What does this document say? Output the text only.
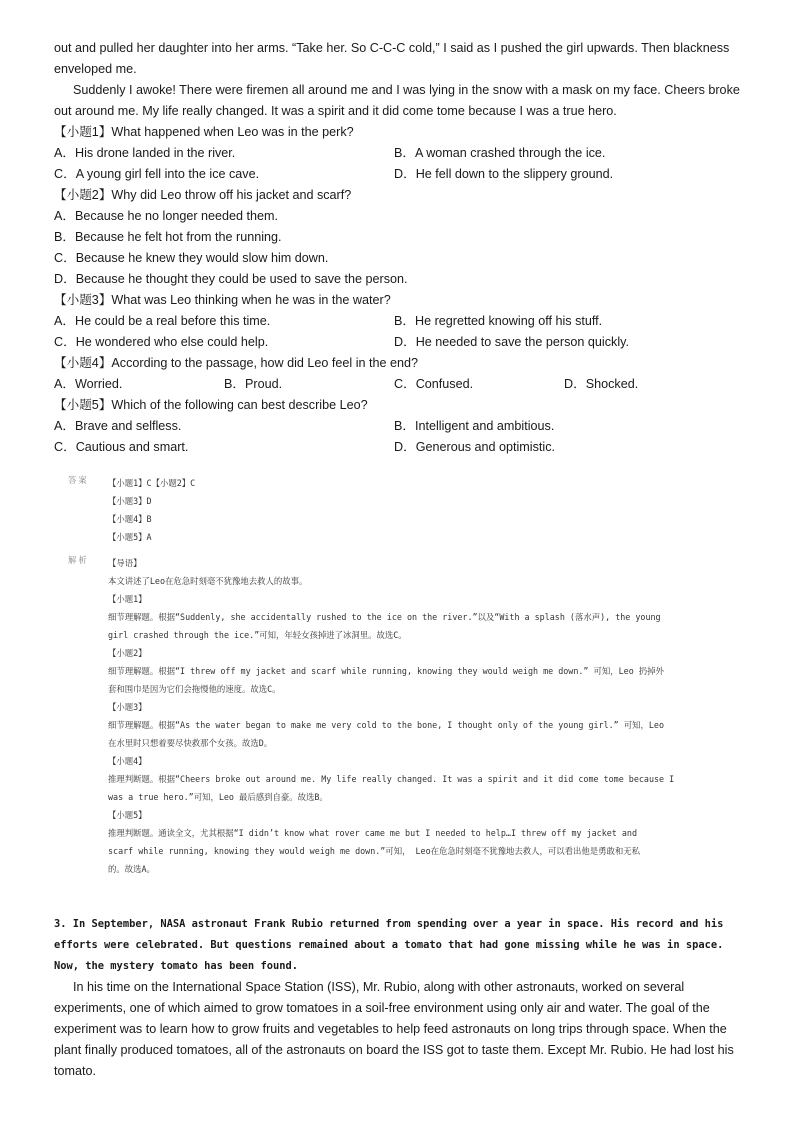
out and pulled her daughter into her arms. “Take her. So C-C-C cold,” I said as I pushed the girl upwards. Then blackness enveloped me.

Suddenly I awoke! There were firemen all around me and I was lying in the snow with a mask on my face. Cheers broke out around me. My life really changed. It was a spirit and it did come tome because I was a true hero.

【小题1】What happened when Leo was in the perk?

A．His drone landed in the river.	B．A woman crashed through the ice.
C．A young girl fell into the ice cave.	D．He fell down to the slippery ground.

【小题2】Why did Leo throw off his jacket and scarf?

A．Because he no longer needed them.

B．Because he felt hot from the running.

C．Because he knew they would slow him down.

D．Because he thought they could be used to save the person.

【小题3】What was Leo thinking when he was in the water?

A．He could be a real before this time.	B．He regretted knowing off his stuff.
C．He wondered who else could help.	D．He needed to save the person quickly.

【小题4】According to the passage, how did Leo feel in the end?

A．Worried.	B．Proud.	C．Confused.	D．Shocked.

【小题5】Which of the following can best describe Leo?

A．Brave and selfless.	B．Intelligent and ambitious.
C．Cautious and smart.	D．Generous and optimistic.
答案 【小题1】C【小题2】C
【小题3】D
【小题4】B
【小题5】A
解析 【导语】
本文讲述了Leo在危急时刻毫不犹豫地去救人的故事。
【小题1】
细节理解题。根据“Suddenly, she accidentally rushed to the ice on the river.”以及“With a splash (落水声), the young
girl crashed through the ice.”可知，年轻女孩掉进了冰洞里。故选C。
【小题2】
细节理解题。根据“I threw off my jacket and scarf while running, knowing they would weigh me down.” 可知，Leo 扔掉外
套和围巾是因为它们会拖慢他的速度。故选C。
【小题3】
细节理解题。根据“As the water began to make me very cold to the bone, I thought only of the young girl.” 可知，Leo
在水里时只想着要尽快救那个女孩。故选D。
【小题4】
推理判断题。根据“Cheers broke out around me. My life really changed. It was a spirit and it did come tome because I
was a true hero.”可知，Leo 最后感到自豪。故选B。
【小题5】
推理判断题。通读全文，尤其根据“I didn’t know what rover came me but I needed to help…I threw off my jacket and
scarf while running, knowing they would weigh me down.”可知， Leo在危急时刻毫不犹豫地去救人，可以看出他是勇敢和无私
的。故选A。

3. In September, NASA astronaut Frank Rubio returned from spending over a year in space. His record and his efforts were celebrated. But questions remained about a tomato that had gone missing while he was in space. Now, the mystery tomato has been found.

In his time on the International Space Station (ISS), Mr. Rubio, along with other astronauts, worked on several experiments, one of which aimed to grow tomatoes in a soil-free environment using only air and water. The goal of the experiment was to learn how to grow fruits and vegetables to help feed astronauts on long trips through space. When the plant finally produced tomatoes, all of the astronauts on board the ISS got to taste them. Except Mr. Rubio. He had lost his tomato.
